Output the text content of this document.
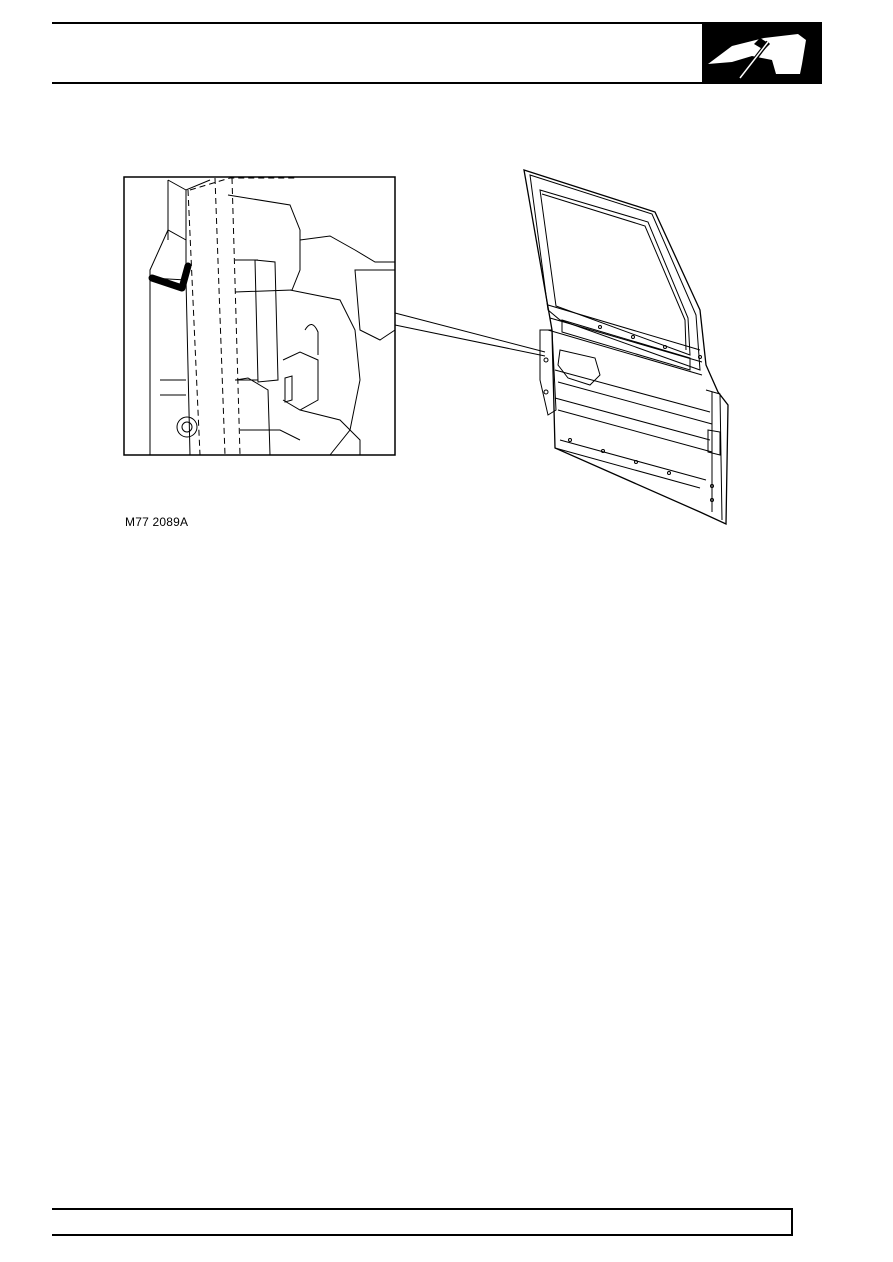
M77 2089A
